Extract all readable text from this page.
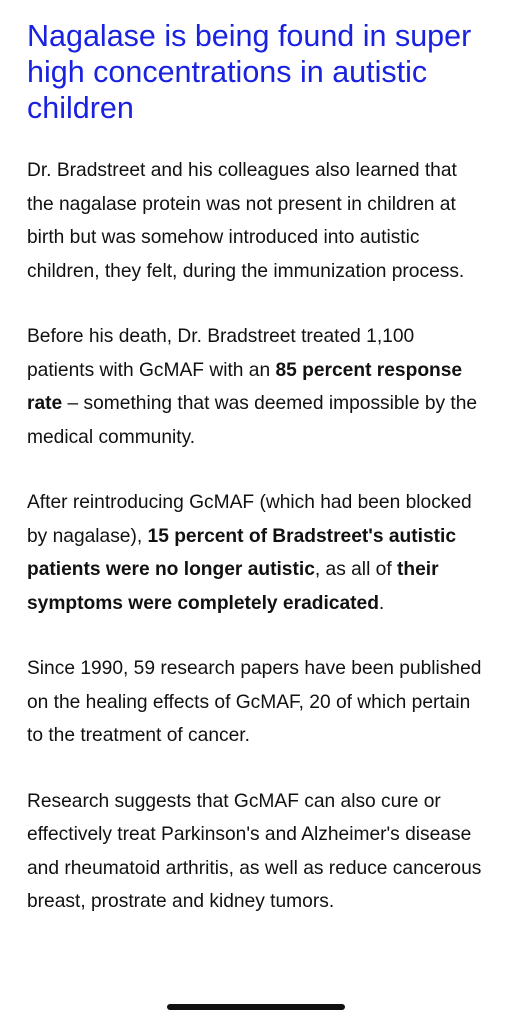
Nagalase is being found in super high concentrations in autistic children

Dr. Bradstreet and his colleagues also learned that the nagalase protein was not present in children at birth but was somehow introduced into autistic children, they felt, during the immunization process.

Before his death, Dr. Bradstreet treated 1,100 patients with GcMAF with an 85 percent response rate – something that was deemed impossible by the medical community.

After reintroducing GcMAF (which had been blocked by nagalase), 15 percent of Bradstreet's autistic patients were no longer autistic, as all of their symptoms were completely eradicated.

Since 1990, 59 research papers have been published on the healing effects of GcMAF, 20 of which pertain to the treatment of cancer.

Research suggests that GcMAF can also cure or effectively treat Parkinson's and Alzheimer's disease and rheumatoid arthritis, as well as reduce cancerous breast, prostrate and kidney tumors.
